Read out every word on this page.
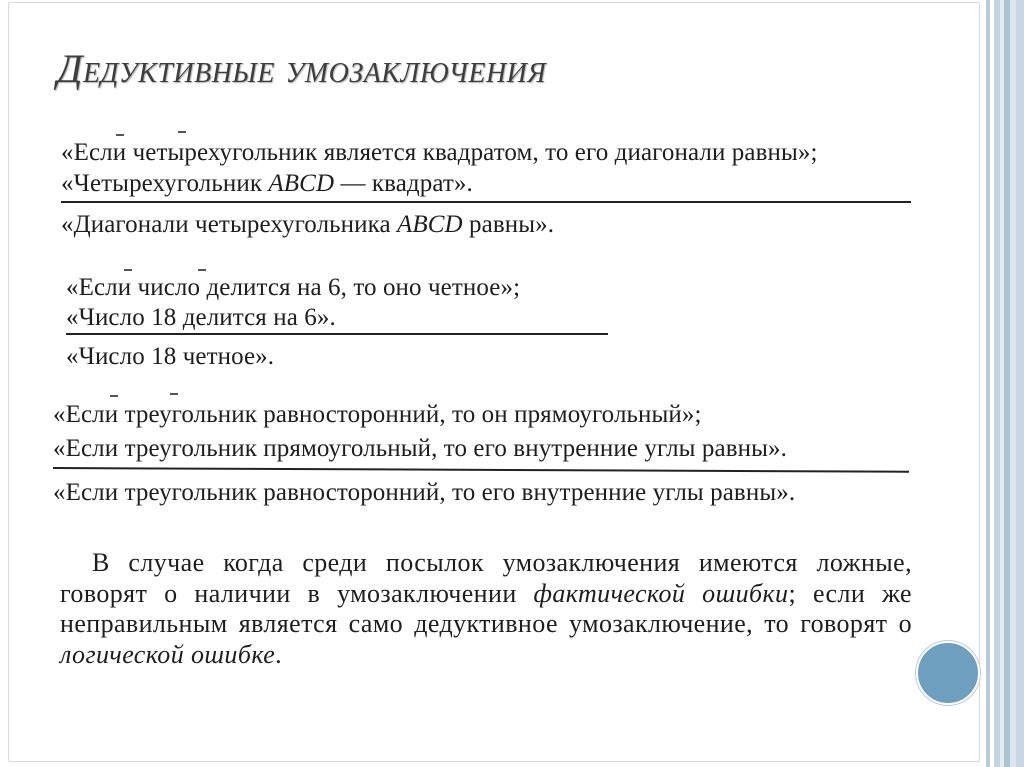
Дедуктивные умозаключения

«Если четырехугольник является квадратом, то его диагонали равны»;

«Четырехугольник ABCD — квадрат».

«Диагонали четырехугольника ABCD равны».

«Если число делится на 6, то оно четное»;

«Число 18 делится на 6».

«Число 18 четное».

«Если треугольник равносторонний, то он прямоугольный»;

«Если треугольник прямоугольный, то его внутренние углы равны».

«Если треугольник равносторонний, то его внутренние углы равны».

В случае когда среди посылок умозаключения имеются ложные, говорят о наличии в умозаключении фактической ошибки; если же неправильным является само дедуктивное умозаключение, то говорят о логической ошибке.
